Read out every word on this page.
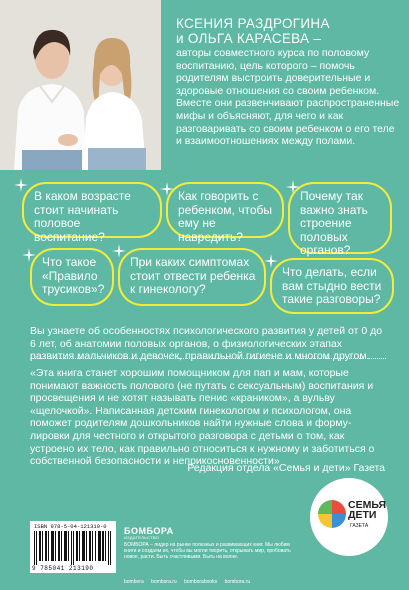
КСЕНИЯ РАЗДРОГИНА
и ОЛЬГА КАРАСЕВА –
авторы совместного курса по половому воспитанию, цель которого – помочь родителям выстроить доверительные и здоровые отношения со своим ребенком. Вместе они развенчивают распространенные мифы и объясняют, для чего и как разговаривать со своим ребенком о его теле и взаимоотношениях между полами.
В каком возрасте стоит начинать половое воспитание?
Как говорить с ребенком, чтобы ему не навредить?
Почему так важно знать строение половых органов?
Что такое «Правило трусиков»?
При каких симптомах стоит отвести ребенка к гинекологу?
Что делать, если вам стыдно вести такие разговоры?
Вы узнаете об особенностях психологического развития у детей от 0 до 6 лет, об анатомии половых органов, о физиологических этапах развития мальчиков и девочек, правильной гигиене и многом другом.
«Эта книга станет хорошим помощником для пап и мам, которые понимают важность полового (не путать с сексуальным) воспитания и просвещения и не хотят называть пенис «краником», а вульву «щелочкой». Написанная детским гинекологом и психологом, она поможет родителям дошкольников найти нужные слова и формулировки для честного и открытого разговора с детьми о том, как устроено их тело, как правильно относиться к нужному и заботиться о собственной безопасности и неприкосновенности»
Редакция отдела «Семья и дети» Газета
СЕМЬЯ
ДЕТИ
ГАЗЕТА
ISBN 978-5-04-121319-0
9 785041 213190
БОМБОРА
ИЗДАТЕЛЬСТВО
БОМБОРА – лидер на рынке полезных и развивающих книг. Мы любим книги и создаем их, чтобы вы могли творить, открывать мир, пробовать новое, расти. Быть счастливыми. Быть на волне.
bombora bombora.ru bomborabooks bombora.ru
